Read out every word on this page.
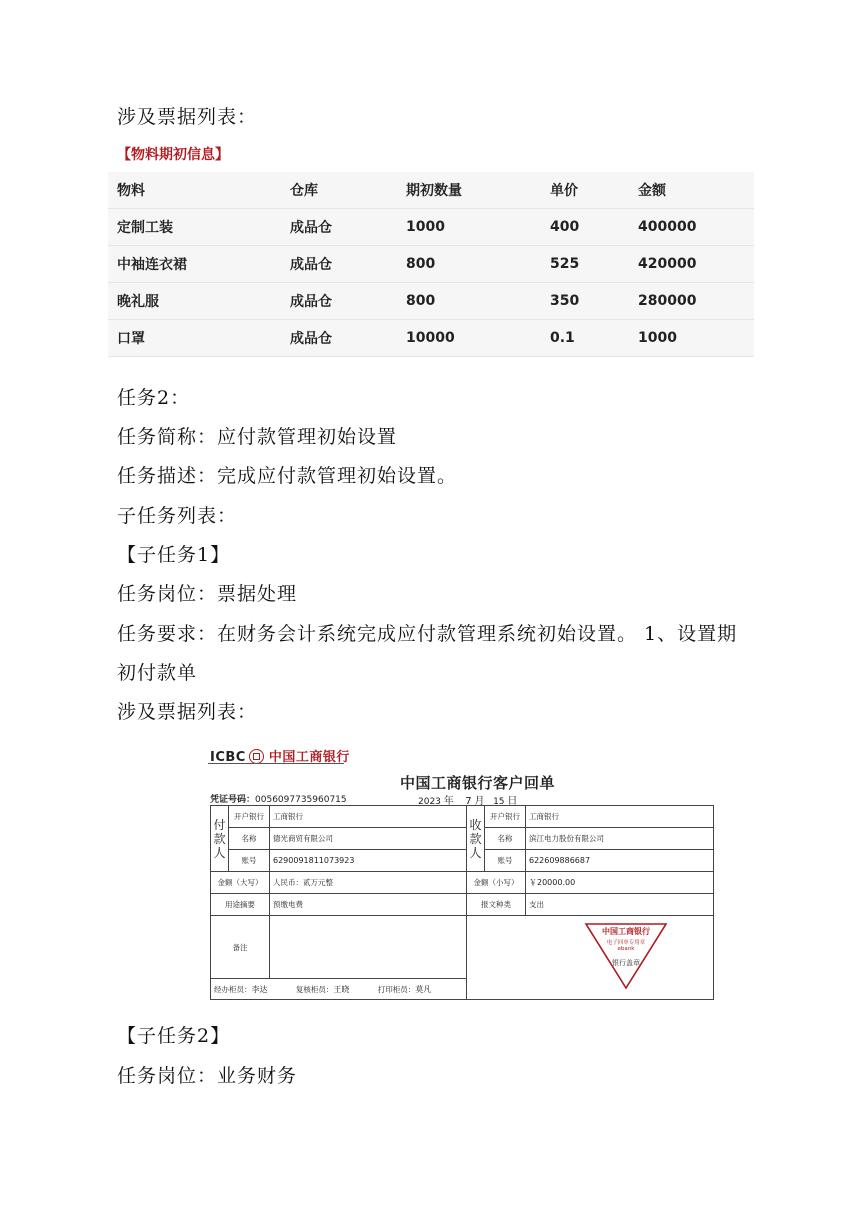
涉及票据列表：
【物料期初信息】
物料	仓库	期初数量	单价	金额
定制工装	成品仓	1000	400	400000
中袖连衣裙	成品仓	800	525	420000
晚礼服	成品仓	800	350	280000
口罩	成品仓	10000	0.1	1000
任务2：
任务简称：应付款管理初始设置
任务描述：完成应付款管理初始设置。
子任务列表：
【子任务1】
任务岗位：票据处理
任务要求：在财务会计系统完成应付款管理系统初始设置。 1、设置期
初付款单
涉及票据列表：
ICBC 中国工商银行
中国工商银行客户回单
凭证号码：0056097735960715	2023 年 7 月 15 日
付款人	开户银行	工商银行	收款人	开户银行	工商银行
	名称	德光商贸有限公司		名称	滨江电力股份有限公司
	账号	6290091811073923		账号	622609886687
金额（大写）		人民币：贰万元整	金额（小写）		￥20000.00
用途摘要		预缴电费	报文种类		支出
备注					
经办柜员：李达 复核柜员：王晓 打印柜员：莫凡					
中国工商银行
电子回单专用章
ebank
银行盖章
【子任务2】
任务岗位：业务财务
